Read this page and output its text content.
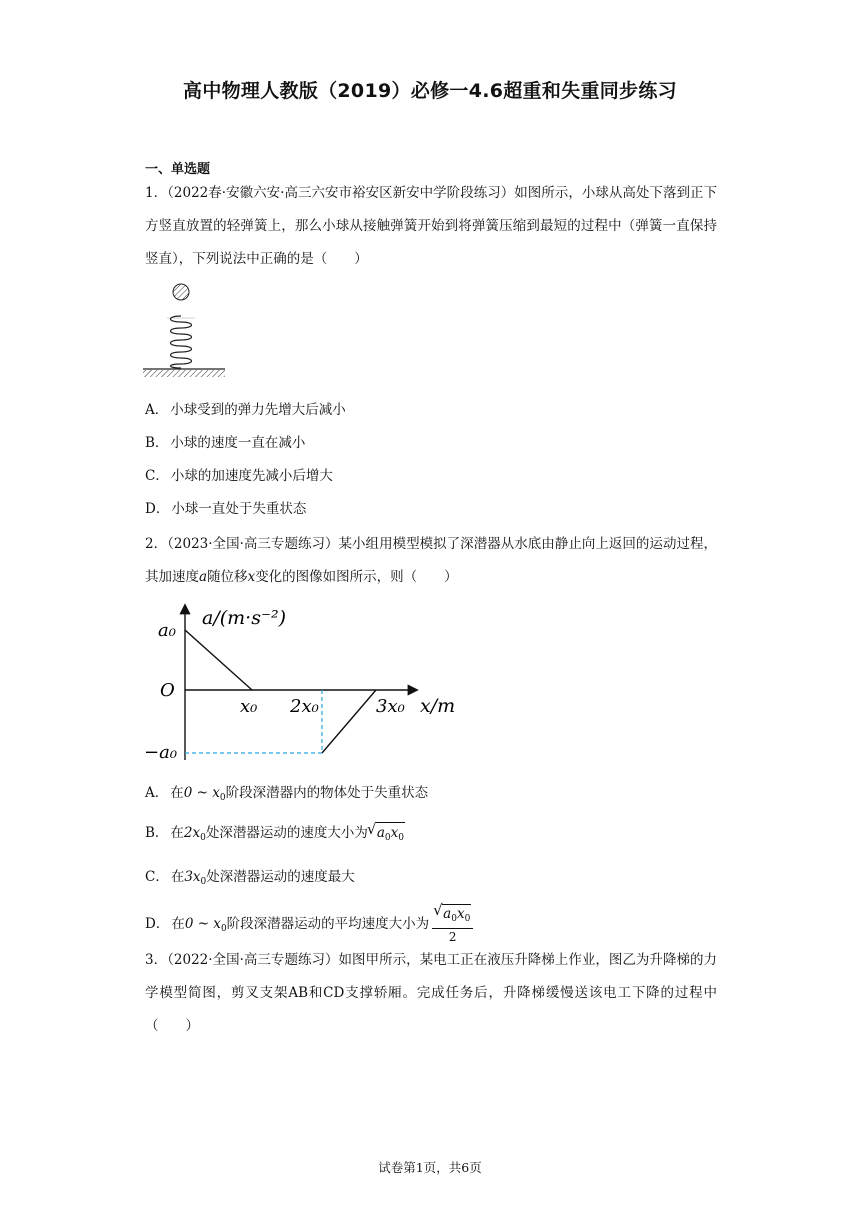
高中物理人教版（2019）必修一4.6超重和失重同步练习
一、单选题
1．（2022春·安徽六安·高三六安市裕安区新安中学阶段练习）如图所示，小球从高处下落到正下方竖直放置的轻弹簧上，那么小球从接触弹簧开始到将弹簧压缩到最短的过程中（弹簧一直保持竖直），下列说法中正确的是（　　）
A． 小球受到的弹力先增大后减小
B． 小球的速度一直在减小
C． 小球的加速度先减小后增大
D． 小球一直处于失重状态
2．（2023·全国·高三专题练习）某小组用模型模拟了深潜器从水底由静止向上返回的运动过程，其加速度a随位移x变化的图像如图所示，则（　　）
a/(m·s⁻²)
a₀
O
x₀ 2x₀	3x₀ x/m
−a₀
A． 在0 ~ $x_0$阶段深潜器内的物体处于失重状态
B． 在$2x_0$处深潜器运动的速度大小为 √ $a_0x_0$
C． 在$3x_0$处深潜器运动的速度最大
D． 在0 ~ $x_0$阶段深潜器运动的平均速度大小为 √ $\frac{a_0x_0}{2}$
3．（2022·全国·高三专题练习）如图甲所示，某电工正在液压升降梯上作业，图乙为升降梯的力学模型简图，剪叉支架AB和CD支撑轿厢。完成任务后，升降梯缓慢送该电工下降的过程中（　　）
试卷第1页，共6页
